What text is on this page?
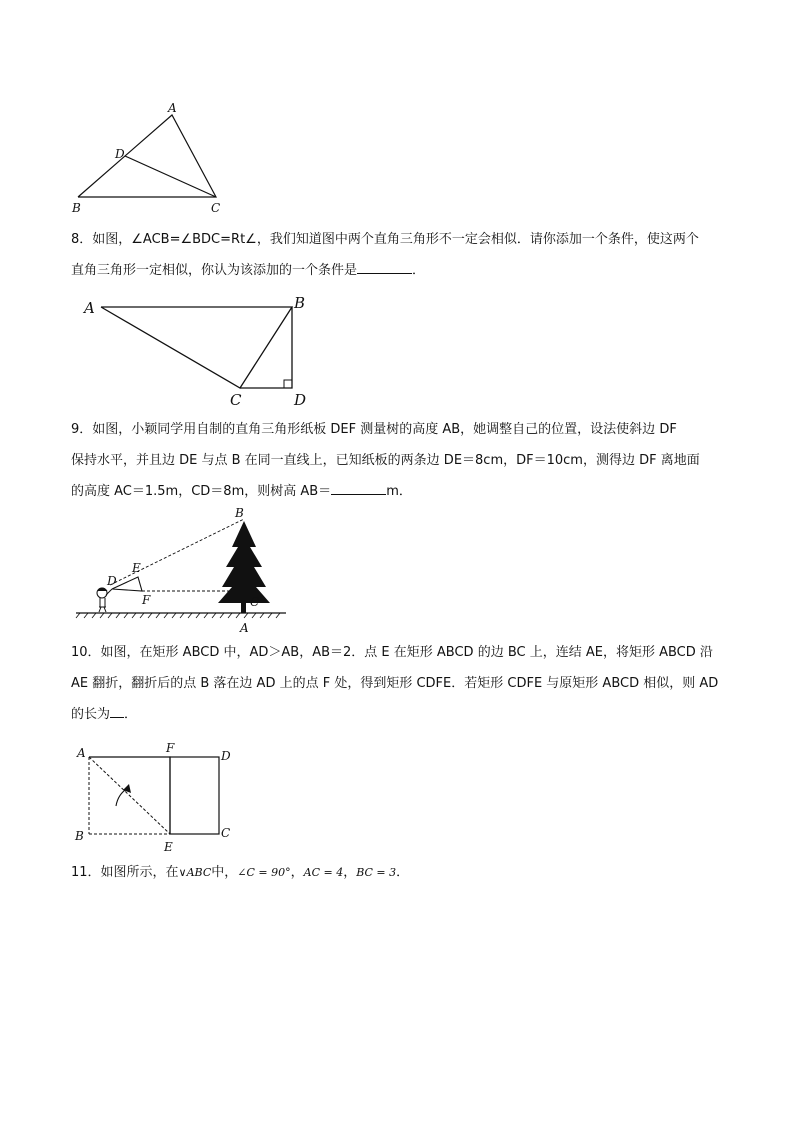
A
D
B	C

8．如图，∠ACB=∠BDC=Rt∠，我们知道图中两个直角三角形不一定会相似．请你添加一个条件，使这两个

直角三角形一定相似，你认为该添加的一个条件是	．

A	B
C	D

9．如图，小颖同学用自制的直角三角形纸板 DEF 测量树的高度 AB，她调整自己的位置，设法使斜边 DF

保持水平，并且边 DE 与点 B 在同一直线上，已知纸板的两条边 DE＝8cm，DF＝10cm，测得边 DF 离地面

的高度 AC＝1.5m，CD＝8m，则树高 AB＝	m．

B
E
D
F	C
A

10．如图，在矩形 ABCD 中，AD＞AB，AB＝2．点 E 在矩形 ABCD 的边 BC 上，连结 AE，将矩形 ABCD 沿

AE 翻折，翻折后的点 B 落在边 AD 上的点 F 处，得到矩形 CDFE．若矩形 CDFE 与原矩形 ABCD 相似，则 AD

的长为 ．

A	F
D
B
E
C

11．如图所示，在∨ABC中，∠C = 90°，AC = 4，BC = 3．
